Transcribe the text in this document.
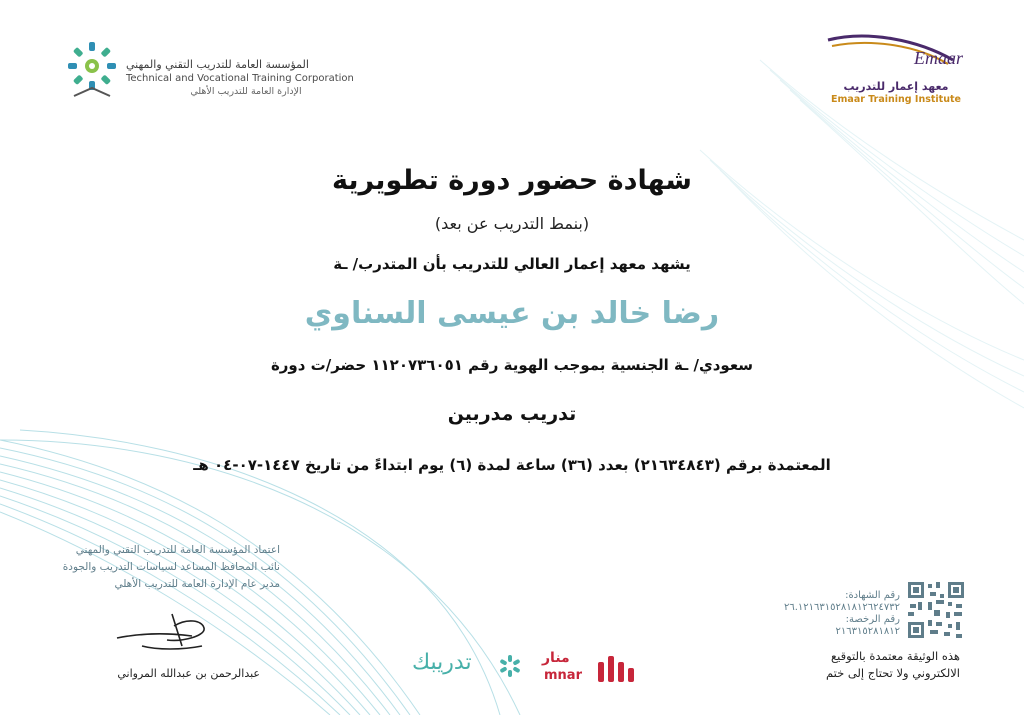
المؤسسة العامة للتدريب التقني والمهني
Technical and Vocational Training Corporation
الإدارة العامة للتدريب الأهلي
Emaar
معهد إعمار للتدريب
Emaar Training Institute
شهادة حضور دورة تطويرية
(بنمط التدريب عن بعد)
يشهد معهد إعمار العالي للتدريب بأن المتدرب/ ـة
رضا خالد بن عيسى السناوي
سعودي/ ـة الجنسية بموجب الهوية رقم ١١٢٠٧٣٦٠٥١ حضر/ت دورة
تدريب مدربين
المعتمدة برقم (٢١٦٣٤٨٤٣) بعدد (٣٦) ساعة لمدة (٦) يوم ابتداءً من تاريخ ١٤٤٧-٠٧-٠٤ هـ
اعتماد المؤسسة العامة للتدريب التقني والمهني
نائب المحافظ المساعد لسياسات التدريب والجودة
مدير عام الإدارة العامة للتدريب الأهلي
عبدالرحمن بن عبدالله المرواني	تدريبك	منار
mnar
رقم الشهادة:
٢٦.١٢١٦٣١٥٢٨١٨١٢٦٢٤٧٣٢
رقم الرخصة:
٢١٦٣١٥٢٨١٨١٢
هذه الوثيقة معتمدة بالتوقيع
الالكتروني ولا تحتاج إلى ختم
